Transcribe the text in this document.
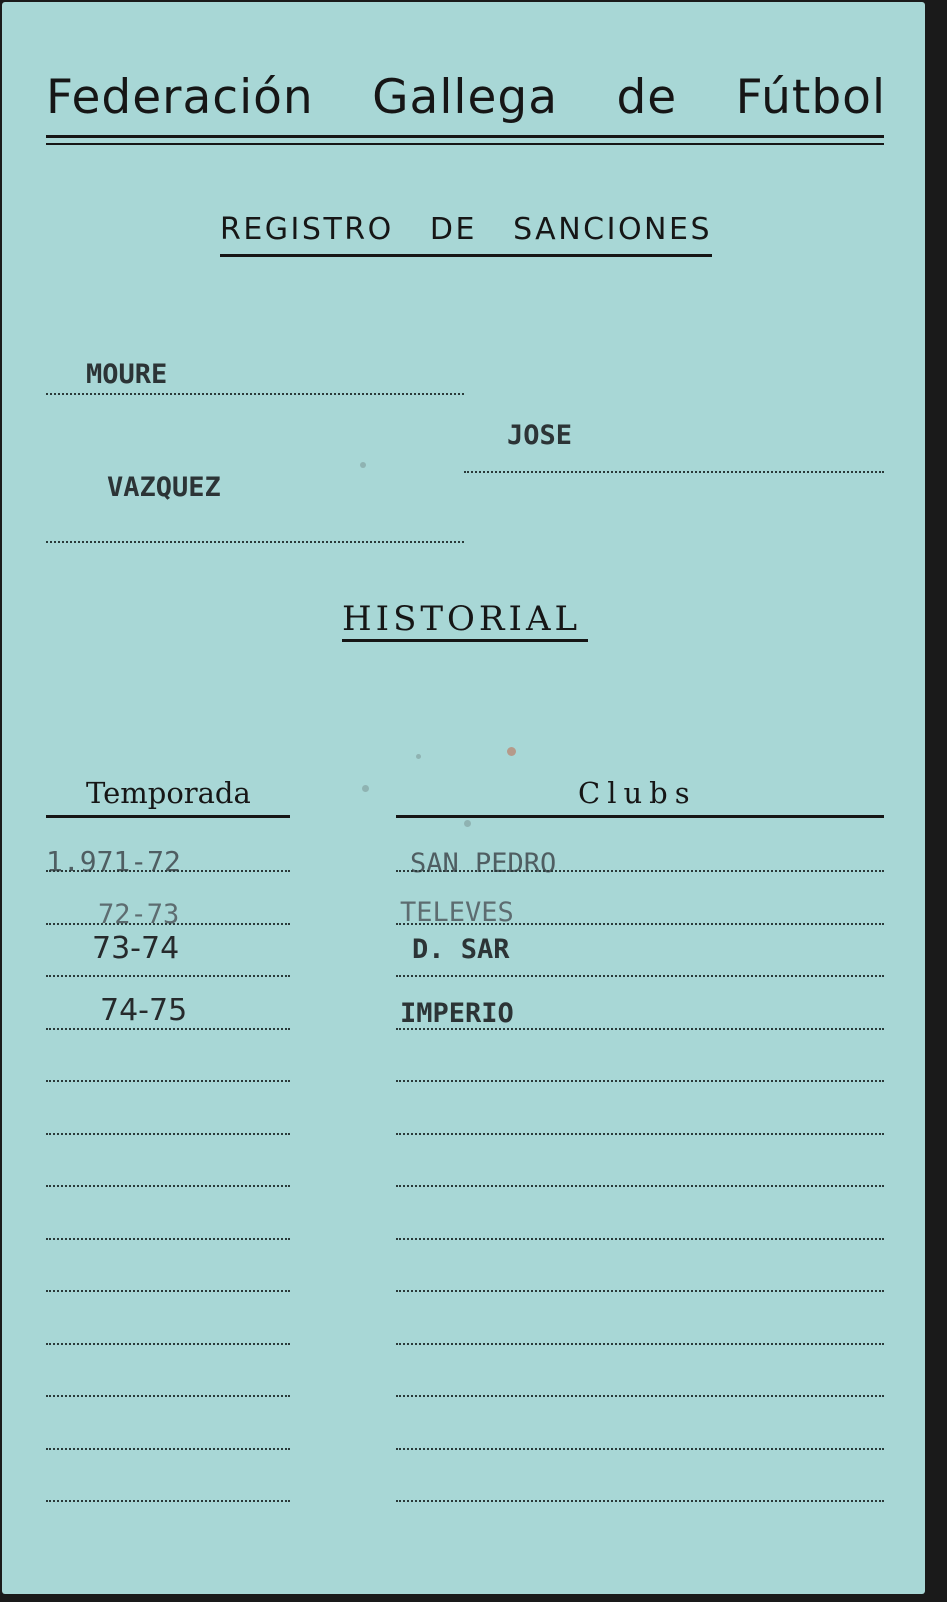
Federación Gallega de Fútbol
REGISTRO DE SANCIONES
MOURE
JOSE
VAZQUEZ
HISTORIAL
Temporada	Clubs
1.971-72	SAN PEDRO
72-73	TELEVES
73-74	D. SAR
74-75	IMPERIO
